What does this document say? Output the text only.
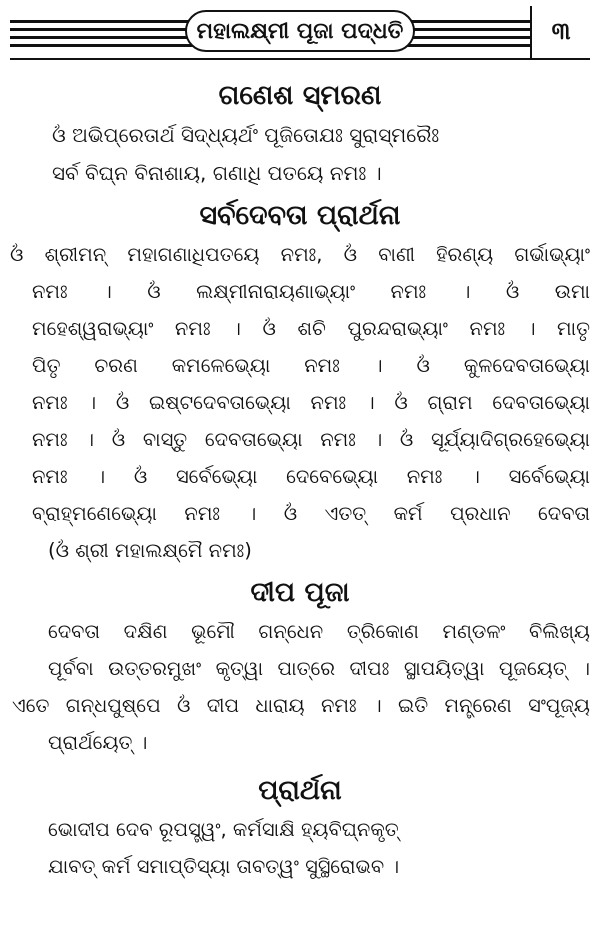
ମହାଲକ୍ଷ୍ମୀ ପୂଜା ପଦ୍ଧତି	୩
ଗଣେଶ ସ୍ମରଣ

ଓଁ ଅଭିପ୍ରେତାର୍ଥ ସିଦ୍ଧ୍ୟର୍ଥଂ ପୂଜିତୋଯଃ ସୁରାସ୍ମରୈଃ

ସର୍ବ ବିଘ୍ନ ବିନାଶାୟ, ଗଣାଧି ପତୟେ ନମଃ ।

ସର୍ବଦେବତା ପ୍ରାର୍ଥନା
ଓଁ ଶ୍ରୀମନ୍ ମହାଗଣାଧିପତୟେ ନମଃ, ଓଁ ବାଣୀ ହିରଣ୍ୟ ଗର୍ଭାଭ୍ୟାଂ
ନମଃ । ଓଁ ଲକ୍ଷ୍ମୀନାରାୟଣାଭ୍ୟାଂ ନମଃ । ଓଁ ଉମା
ମହେଶ୍ୱରାଭ୍ୟାଂ ନମଃ । ଓଁ ଶଚି ପୁରନ୍ଦରାଭ୍ୟାଂ ନମଃ । ମାତୃ
ପିତୃ ଚରଣ କମଳେଭ୍ୟୋ ନମଃ । ଓଁ କୁଳଦେବତାଭ୍ୟୋ
ନମଃ । ଓଁ ଇଷ୍ଟଦେବତାଭ୍ୟୋ ନମଃ । ଓଁ ଗ୍ରାମ ଦେବତାଭ୍ୟୋ
ନମଃ । ଓଁ ବାସ୍ତୁ ଦେବତାଭ୍ୟୋ ନମଃ । ଓଁ ସୂର୍ଯ୍ୟାଦିଗ୍ରହେଭ୍ୟୋ
ନମଃ । ଓଁ ସର୍ବେଭ୍ୟୋ ଦେବେଭ୍ୟୋ ନମଃ । ସର୍ବେଭ୍ୟୋ
ବ୍ରାହ୍ମଣେଭ୍ୟୋ ନମଃ । ଓଁ ଏତତ୍ କର୍ମ ପ୍ରଧାନ ଦେବତା
(ଓଁ ଶ୍ରୀ ମହାଲକ୍ଷ୍ମୈ ନମଃ)
ଦୀପ ପୂଜା
ଦେବତା ଦକ୍ଷିଣ ଭୂମୌ ଗନ୍ଧେନ ତ୍ରିକୋଣ ମଣ୍ଡଳଂ ବିଲିଖ୍ୟ
ପୂର୍ବବା ଉତ୍ତରମୁଖଂ କୃତ୍ୱା ପାତ୍ରେ ଦୀପଃ ସ୍ଥାପୟିତ୍ୱା ପୂଜୟେତ୍ ।
ଏତେ ଗନ୍ଧପୁଷ୍ପେ ଓଁ ଦୀପ ଧାରାୟ ନମଃ । ଇତି ମନ୍ତ୍ରେଣ ସଂପୂଜ୍ୟ
ପ୍ରାର୍ଥୟେତ୍ ।
ପ୍ରାର୍ଥନା
ଭୋଦୀପ ଦେବ ରୂପସ୍ତ୍ୱଂ, କର୍ମସାକ୍ଷି ହ୍ୟବିଘ୍ନକୃତ୍
ଯାବତ୍ କର୍ମ ସମାପ୍ତିସ୍ୟା ତାବତ୍ୱଂ ସୁସ୍ଥିରୋଭବ ।
